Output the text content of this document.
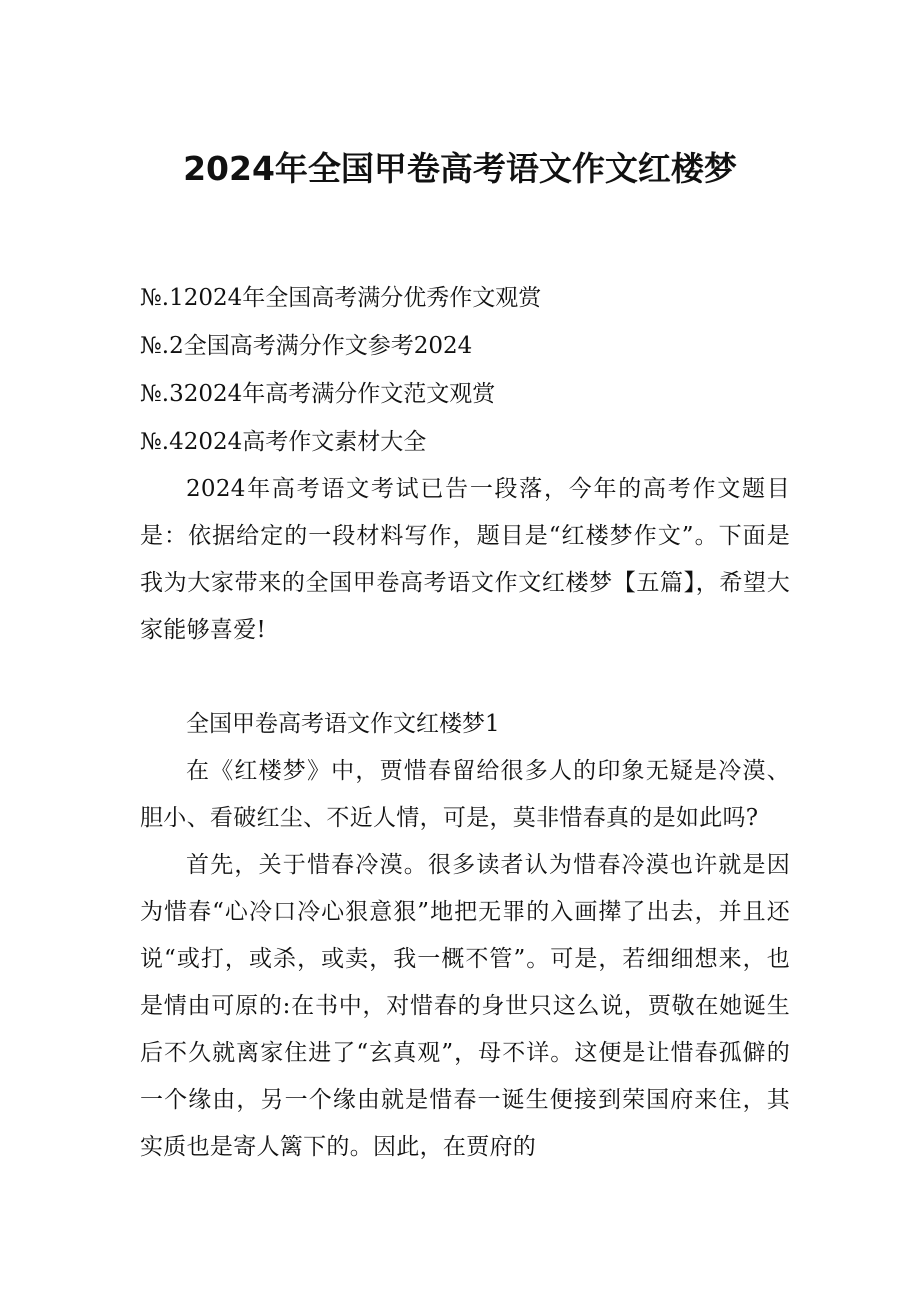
2024年全国甲卷高考语文作文红楼梦
№.12024年全国高考满分优秀作文观赏
№.2全国高考满分作文参考2024
№.32024年高考满分作文范文观赏
№.42024高考作文素材大全

2024年高考语文考试已告一段落，今年的高考作文题目是：依据给定的一段材料写作，题目是“红楼梦作文”。下面是我为大家带来的全国甲卷高考语文作文红楼梦【五篇】，希望大家能够喜爱!

全国甲卷高考语文作文红楼梦1

在《红楼梦》中，贾惜春留给很多人的印象无疑是冷漠、胆小、看破红尘、不近人情，可是，莫非惜春真的是如此吗?

首先，关于惜春冷漠。很多读者认为惜春冷漠也许就是因为惜春“心冷口冷心狠意狠”地把无罪的入画撵了出去，并且还说“或打，或杀，或卖，我一概不管”。可是，若细细想来，也是情由可原的:在书中，对惜春的身世只这么说，贾敬在她诞生后不久就离家住进了“玄真观”，母不详。这便是让惜春孤僻的一个缘由，另一个缘由就是惜春一诞生便接到荣国府来住，其实质也是寄人篱下的。因此，在贾府的
